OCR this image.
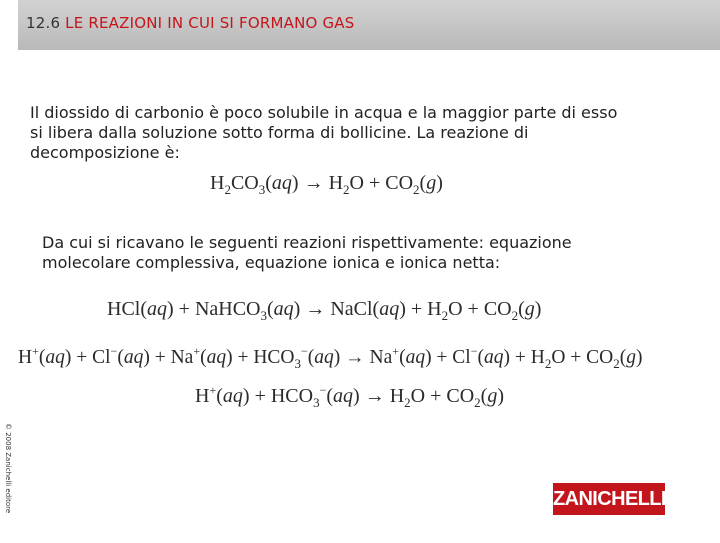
12.6 LE REAZIONI IN CUI SI FORMANO GAS
Il diossido di carbonio è poco solubile in acqua e la maggior parte di esso
si libera dalla soluzione sotto forma di bollicine. La reazione di
decomposizione è:
$H_2CO_3(aq) \to H_2O + CO_2(g)$
Da cui si ricavano le seguenti reazioni rispettivamente: equazione
molecolare complessiva, equazione ionica e ionica netta:
HCl(aq) + NaHCO$_3$(aq) → NaCl(aq) + $H_2O + CO_2(g)$
$H^+(aq) + Cl^-(aq) + Na^+(aq) + HCO_3^-(aq) \to Na^+(aq) + Cl^-(aq) + H_2O + CO_2(g)$
$H^+(aq) + HCO_3^-(aq) \to H_2O + CO_2(g)$
© 2008 Zanichelli editore	ZANICHELLI
